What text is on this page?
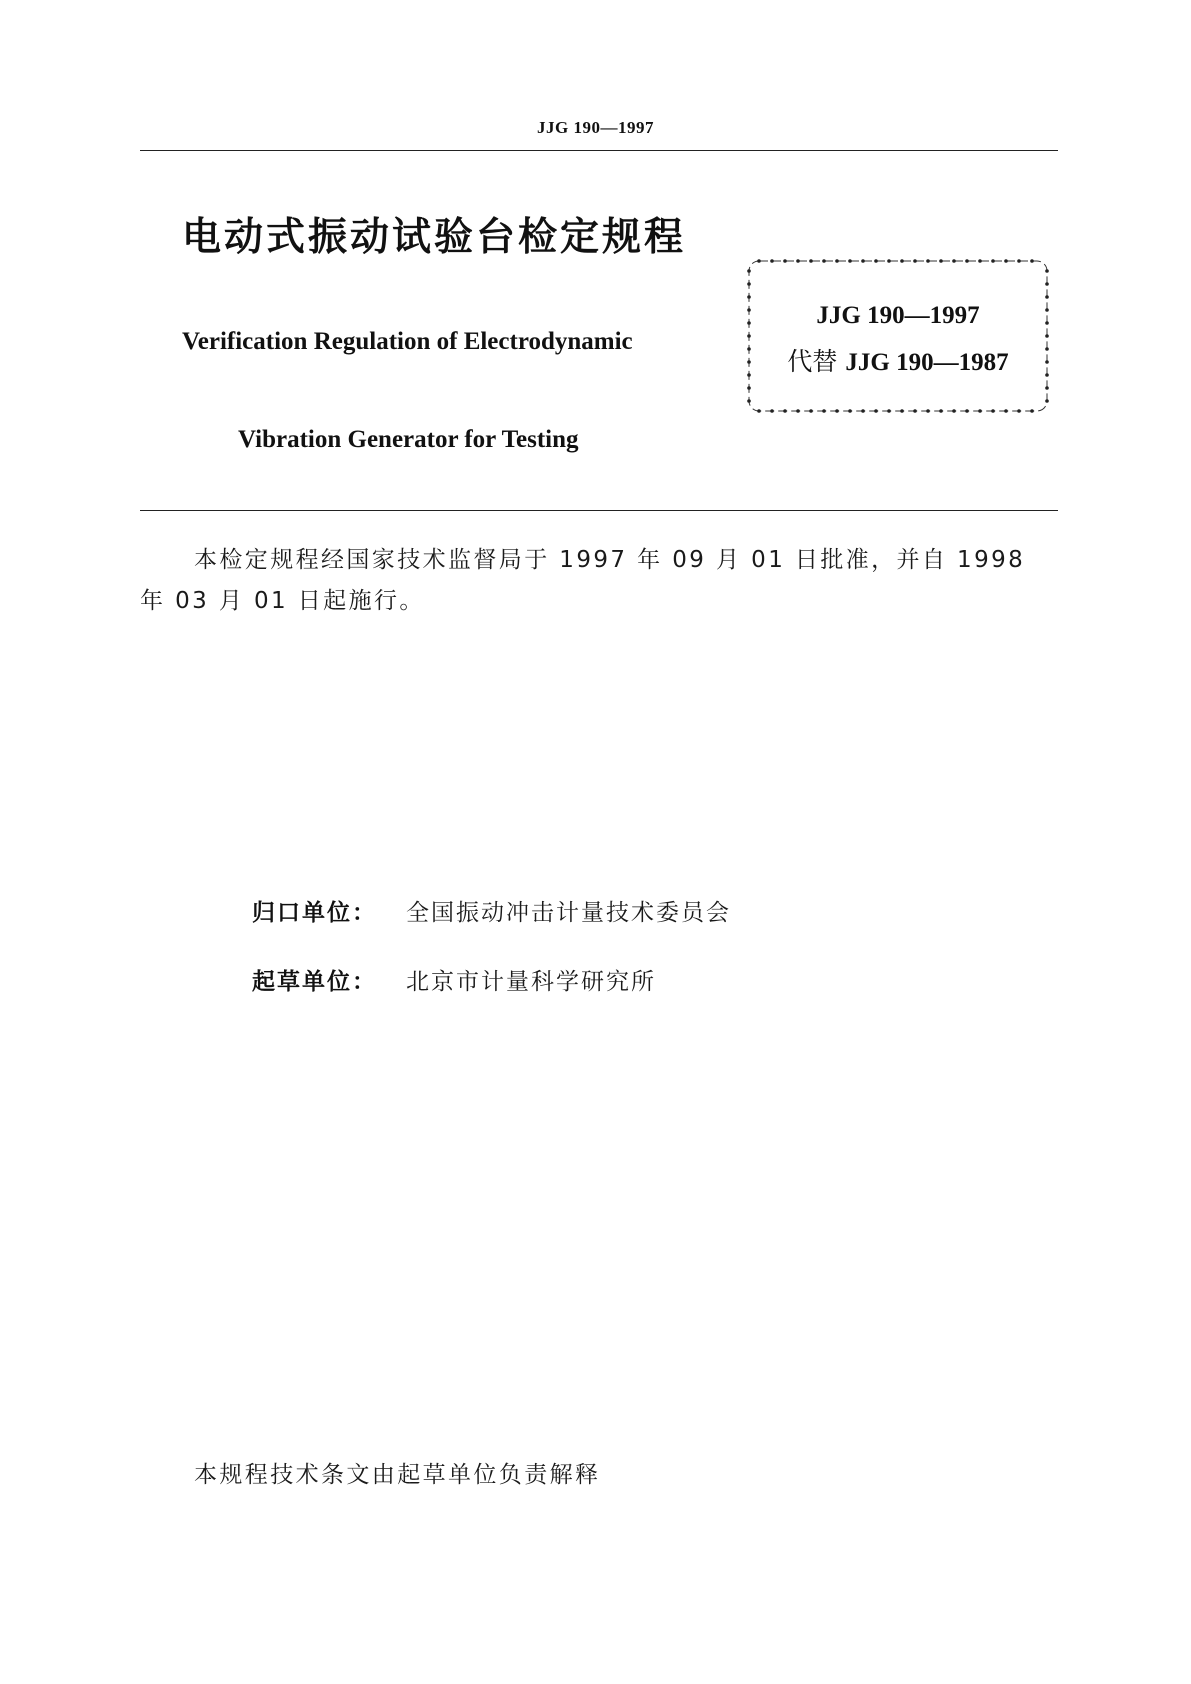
JJG 190—1997
电动式振动试验台检定规程
Verification Regulation of Electrodynamic
Vibration Generator for Testing
JJG 190—1997
代替 JJG 190—1987
本检定规程经国家技术监督局于 1997 年 09 月 01 日批准，并自 1998
年 03 月 01 日起施行。
归口单位： 全国振动冲击计量技术委员会
起草单位： 北京市计量科学研究所
本规程技术条文由起草单位负责解释
